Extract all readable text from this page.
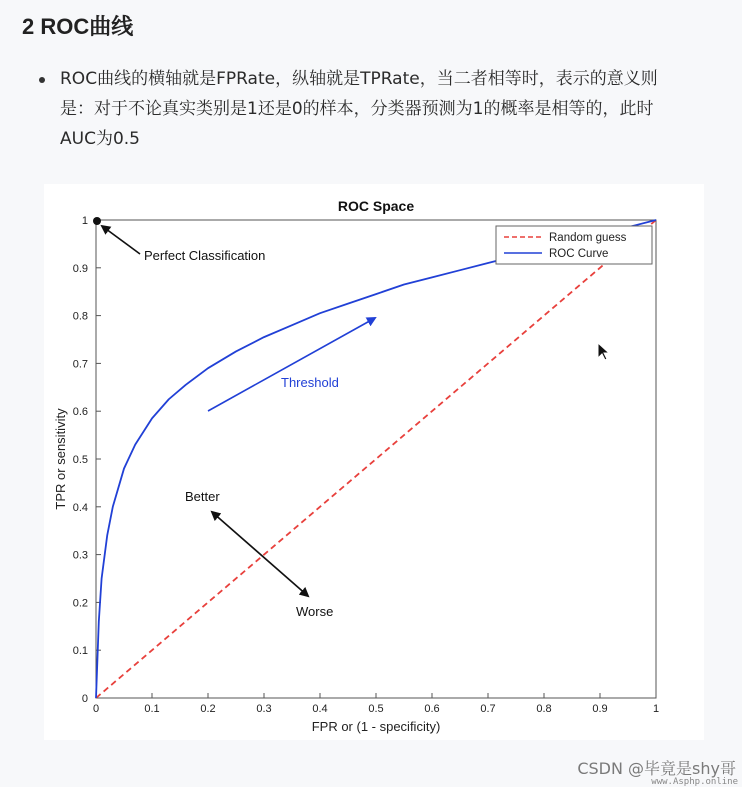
2 ROC曲线
ROC曲线的横轴就是FPRate，纵轴就是TPRate，当二者相等时，表示的意义则
是：对于不论真实类别是1还是0的样本，分类器预测为1的概率是相等的，此时
AUC为0.5
ROC Space
0	0.1	0.2	0.3	0.4	0.5	0.6	0.7	0.8	0.9	1
0
0.1
0.2
0.3
0.4
0.5
0.6
0.7
0.8
0.9
1
FPR or (1 - specificity)
TPR or sensitivity
Random guess
ROC Curve
Perfect Classification
Threshold
Better
Worse
CSDN @毕竟是shy哥
www.Asphp.online
